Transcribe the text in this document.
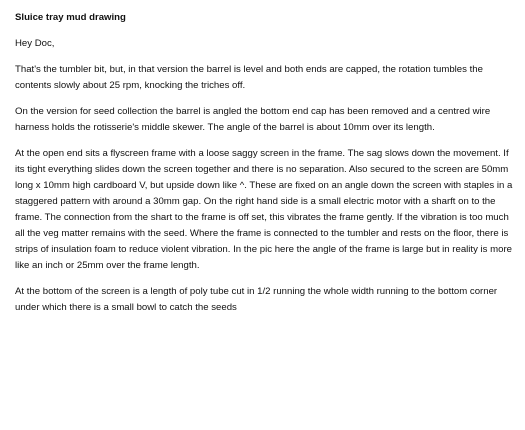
Sluice tray mud drawing
Hey Doc,
That's the tumbler bit, but, in that version the barrel is level and both ends are capped, the rotation tumbles the contents slowly about 25 rpm, knocking the triches off.
On the version for seed collection the barrel is angled the bottom end cap has been removed and a centred wire harness holds the rotisserie's middle skewer. The angle of the barrel is about 10mm over its length.
At the open end sits a flyscreen frame with a loose saggy screen in the frame. The sag slows down the movement. If its tight everything slides down the screen together and there is no separation. Also secured to the screen are 50mm long x 10mm high cardboard V, but upside down like ^. These are fixed on an angle down the screen with staples in a staggered pattern with around a 30mm gap. On the right hand side is a small electric motor with a sharft on to the frame. The connection from the shart to the frame is off set, this vibrates the frame gently. If the vibration is too much all the veg matter remains with the seed. Where the frame is connected to the tumbler and rests on the floor, there is strips of insulation foam to reduce violent vibration. In the pic here the angle of the frame is large but in reality is more like an inch or 25mm over the frame length.
At the bottom of the screen is a length of poly tube cut in 1/2 running the whole width running to the bottom corner under which there is a small bowl to catch the seeds
